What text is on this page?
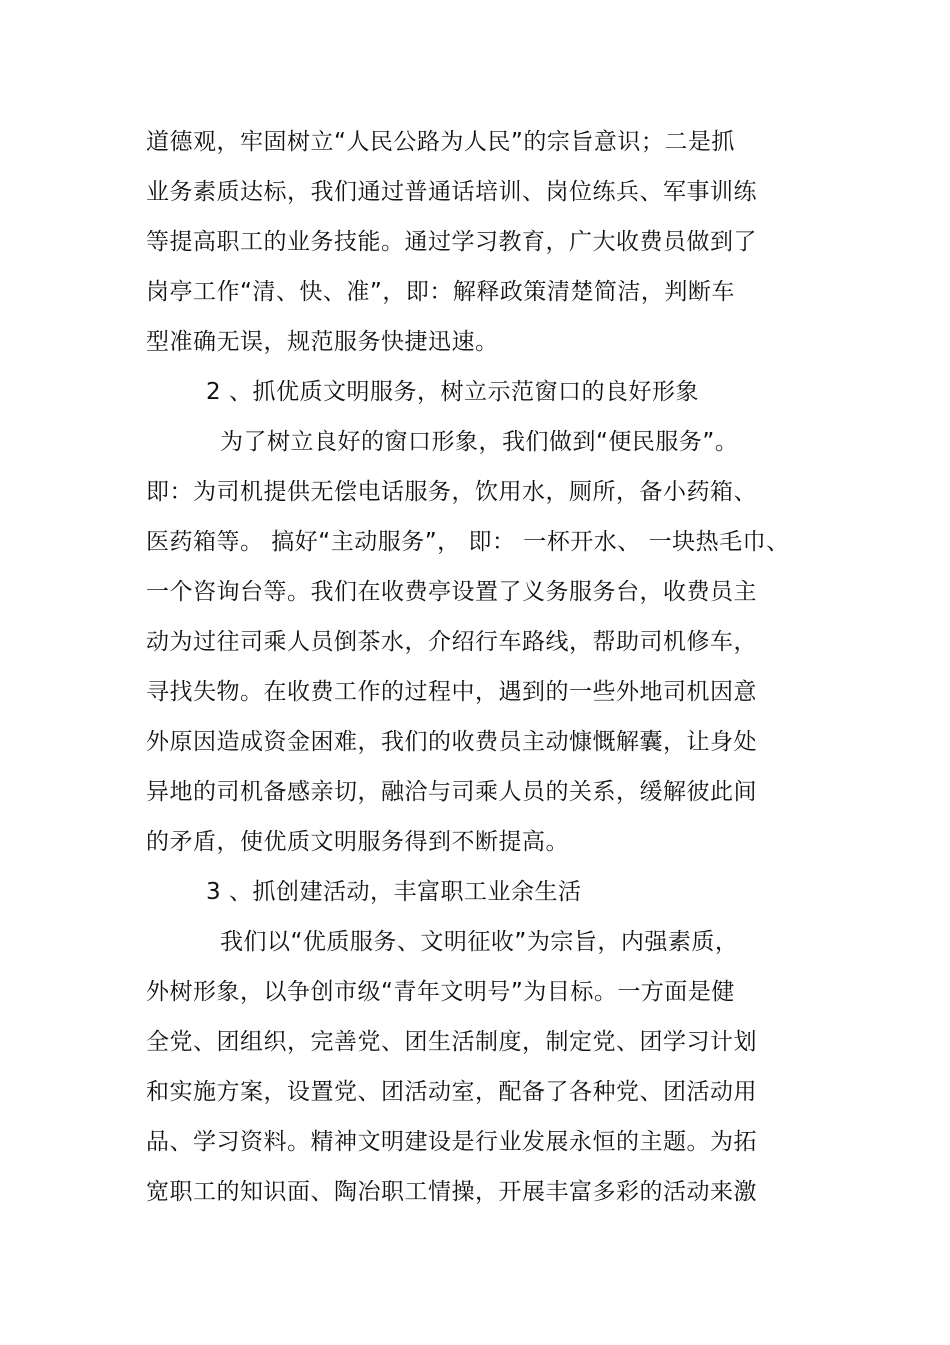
道德观，牢固树立“人民公路为人民”的宗旨意识；二是抓
业务素质达标，我们通过普通话培训、岗位练兵、军事训练
等提高职工的业务技能。通过学习教育，广大收费员做到了
岗亭工作“清、快、准”，即：解释政策清楚简洁，判断车
型准确无误，规范服务快捷迅速。
2 、抓优质文明服务，树立示范窗口的良好形象
为了树立良好的窗口形象，我们做到“便民服务”。
即：为司机提供无偿电话服务，饮用水，厕所，备小药箱、
医药箱等。 搞好“主动服务”， 即： 一杯开水、 一块热毛巾、
一个咨询台等。我们在收费亭设置了义务服务台，收费员主
动为过往司乘人员倒茶水，介绍行车路线，帮助司机修车，
寻找失物。在收费工作的过程中，遇到的一些外地司机因意
外原因造成资金困难，我们的收费员主动慷慨解囊，让身处
异地的司机备感亲切，融洽与司乘人员的关系，缓解彼此间
的矛盾，使优质文明服务得到不断提高。
3 、抓创建活动，丰富职工业余生活
我们以“优质服务、文明征收”为宗旨，内强素质，
外树形象，以争创市级“青年文明号”为目标。一方面是健
全党、团组织，完善党、团生活制度，制定党、团学习计划
和实施方案，设置党、团活动室，配备了各种党、团活动用
品、学习资料。精神文明建设是行业发展永恒的主题。为拓
宽职工的知识面、陶冶职工情操，开展丰富多彩的活动来激
